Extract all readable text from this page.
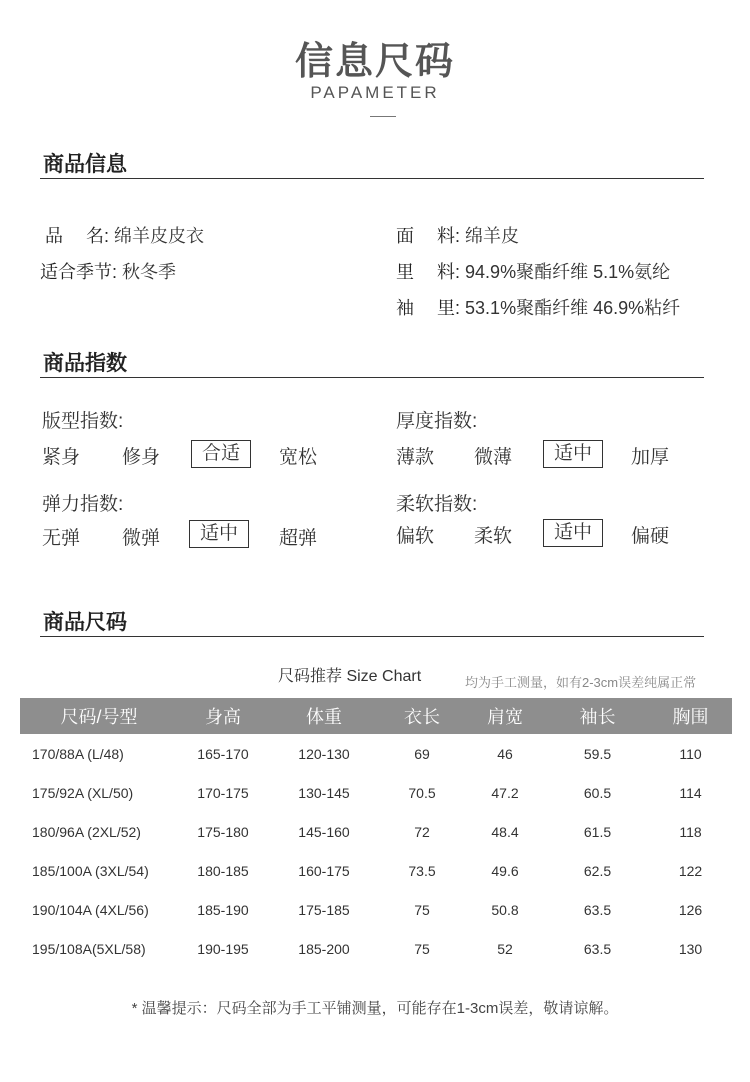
信息尺码
PAPAMETER
商品信息
品　 名: 绵羊皮皮衣
适合季节: 秋冬季
面　 料: 绵羊皮
里　 料: 94.9%聚酯纤维 5.1%氨纶
袖　 里: 53.1%聚酯纤维 46.9%粘纤
商品指数
版型指数:
紧身 修身	合适	宽松
厚度指数:
薄款 微薄	适中	加厚
弹力指数:
无弹 微弹	适中	超弹
柔软指数:
偏软 柔软	适中	偏硬
商品尺码
尺码推荐 Size Chart	均为手工测量，如有2-3cm误差纯属正常
尺码/号型	身高	体重	衣长	肩宽	袖长	胸围
170/88A (L/48)	165-170	120-130	69	46	59.5	110
175/92A (XL/50)	170-175	130-145	70.5	47.2	60.5	114
180/96A (2XL/52)	175-180	145-160	72	48.4	61.5	118
185/100A (3XL/54)	180-185	160-175	73.5	49.6	62.5	122
190/104A (4XL/56)	185-190	175-185	75	50.8	63.5	126
195/108A(5XL/58)	190-195	185-200	75	52	63.5	130
* 温馨提示：尺码全部为手工平铺测量，可能存在1-3cm误差，敬请谅解。
